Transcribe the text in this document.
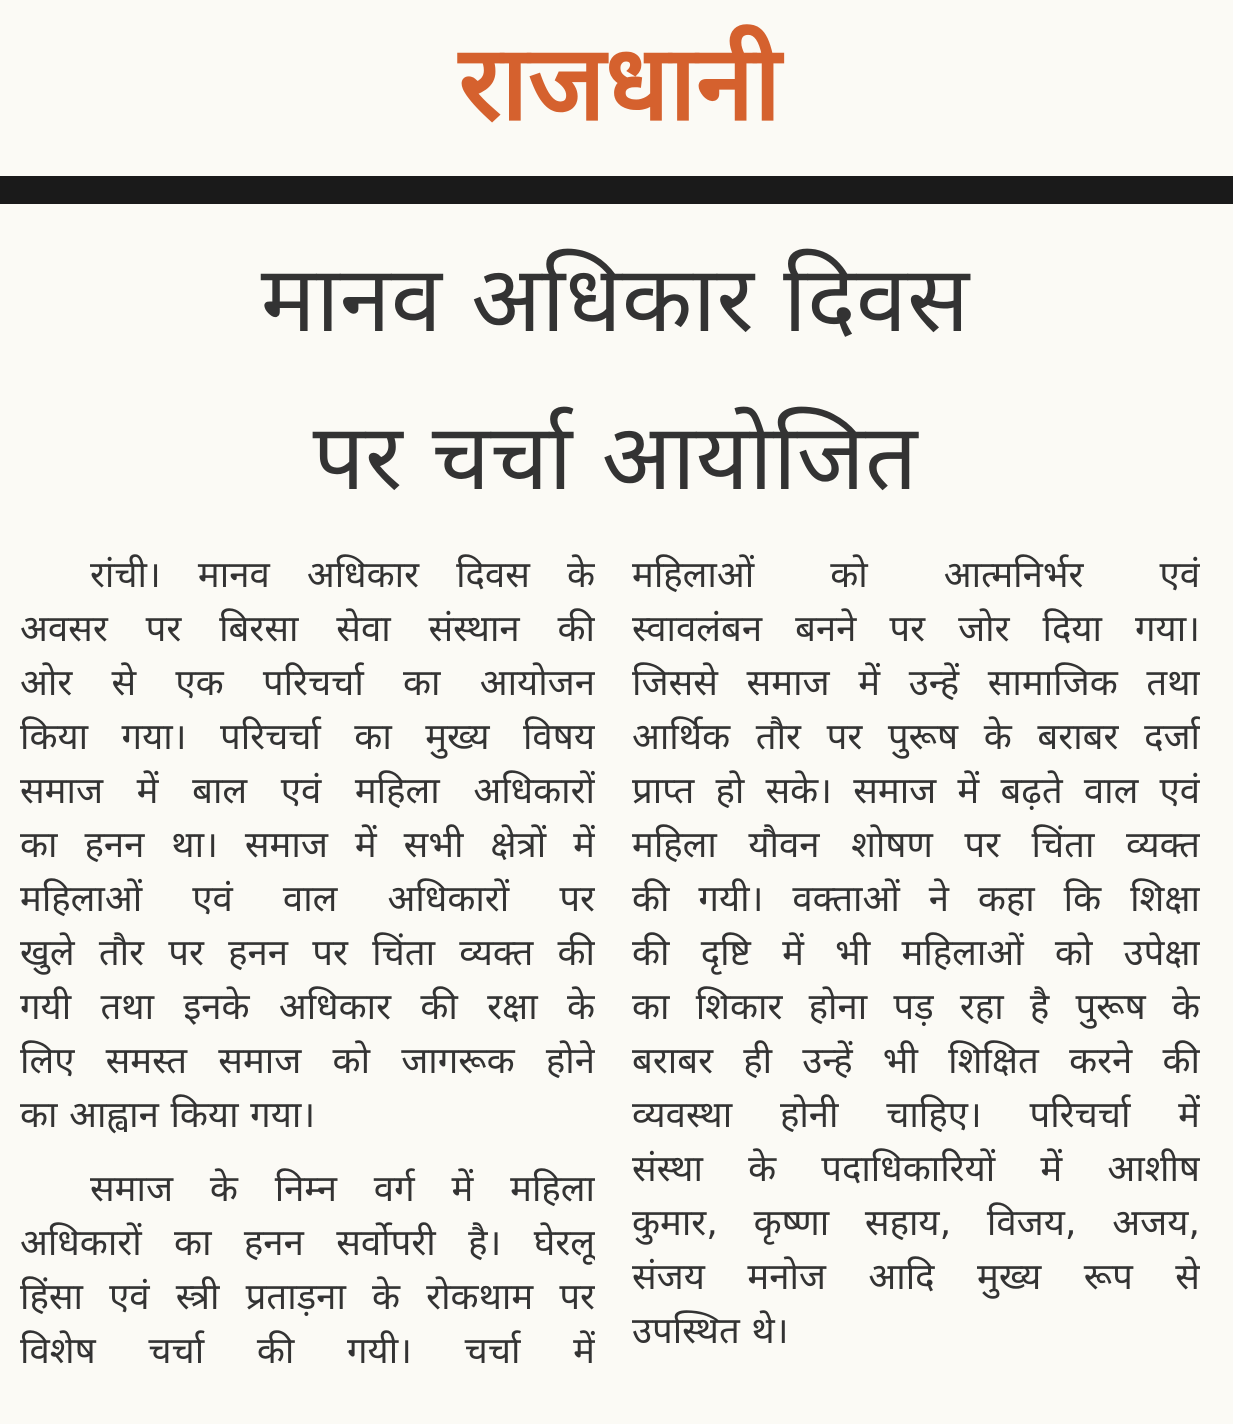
राजधानी
मानव अधिकार दिवस
पर चर्चा आयोजित
रांची। मानव अधिकार दिवस के
अवसर पर बिरसा सेवा संस्थान की
ओर से एक परिचर्चा का आयोजन
किया गया। परिचर्चा का मुख्य विषय
समाज में बाल एवं महिला अधिकारों
का हनन था। समाज में सभी क्षेत्रों में
महिलाओं एवं वाल अधिकारों पर
खुले तौर पर हनन पर चिंता व्यक्त की
गयी तथा इनके अधिकार की रक्षा के
लिए समस्त समाज को जागरूक होने
का आह्वान किया गया।
समाज के निम्न वर्ग में महिला
अधिकारों का हनन सर्वोपरी है। घेरलू
हिंसा एवं स्त्री प्रताड़ना के रोकथाम पर
विशेष चर्चा की गयी। चर्चा में
महिलाओं को आत्मनिर्भर एवं
स्वावलंबन बनने पर जोर दिया गया।
जिससे समाज में उन्हें सामाजिक तथा
आर्थिक तौर पर पुरूष के बराबर दर्जा
प्राप्त हो सके। समाज में बढ़ते वाल एवं
महिला यौवन शोषण पर चिंता व्यक्त
की गयी। वक्ताओं ने कहा कि शिक्षा
की दृष्टि में भी महिलाओं को उपेक्षा
का शिकार होना पड़ रहा है पुरूष के
बराबर ही उन्हें भी शिक्षित करने की
व्यवस्था होनी चाहिए। परिचर्चा में
संस्था के पदाधिकारियों में आशीष
कुमार, कृष्णा सहाय, विजय, अजय,
संजय मनोज आदि मुख्य रूप से
उपस्थित थे।
